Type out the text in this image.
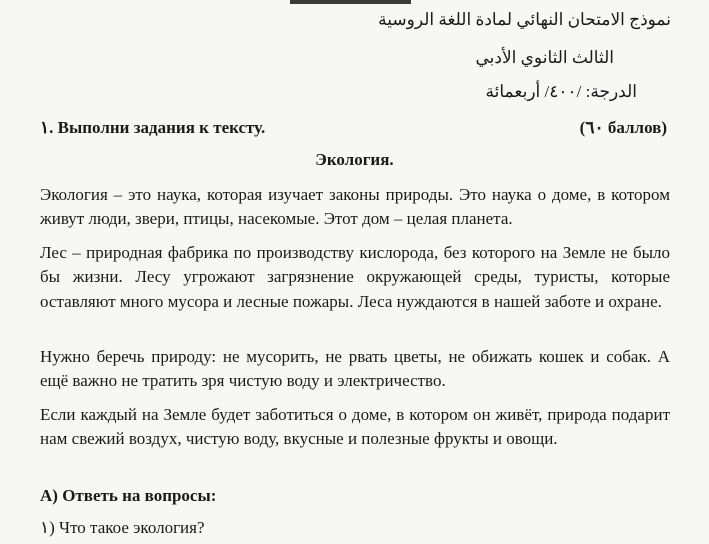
نموذج الامتحان النهائي لمادة اللغة الروسية
الثالث الثانوي الأدبي
الدرجة: /٤٠٠/ أربعمائة
١. Выполни задания к тексту.	(٦٠ баллов)
Экология.
Экология – это наука, которая изучает законы природы. Это наука о доме, в котором живут люди, звери, птицы, насекомые. Этот дом – целая планета.
Лес – природная фабрика по производству кислорода, без которого на Земле не было бы жизни. Лесу угрожают загрязнение окружающей среды, туристы, которые оставляют много мусора и лесные пожары. Леса нуждаются в нашей заботе и охране.
Нужно беречь природу: не мусорить, не рвать цветы, не обижать кошек и собак. А ещё важно не тратить зря чистую воду и электричество.
Если каждый на Земле будет заботиться о доме, в котором он живёт, природа подарит нам свежий воздух, чистую воду, вкусные и полезные фрукты и овощи.
А) Ответь на вопросы:
١) Что такое экология?
